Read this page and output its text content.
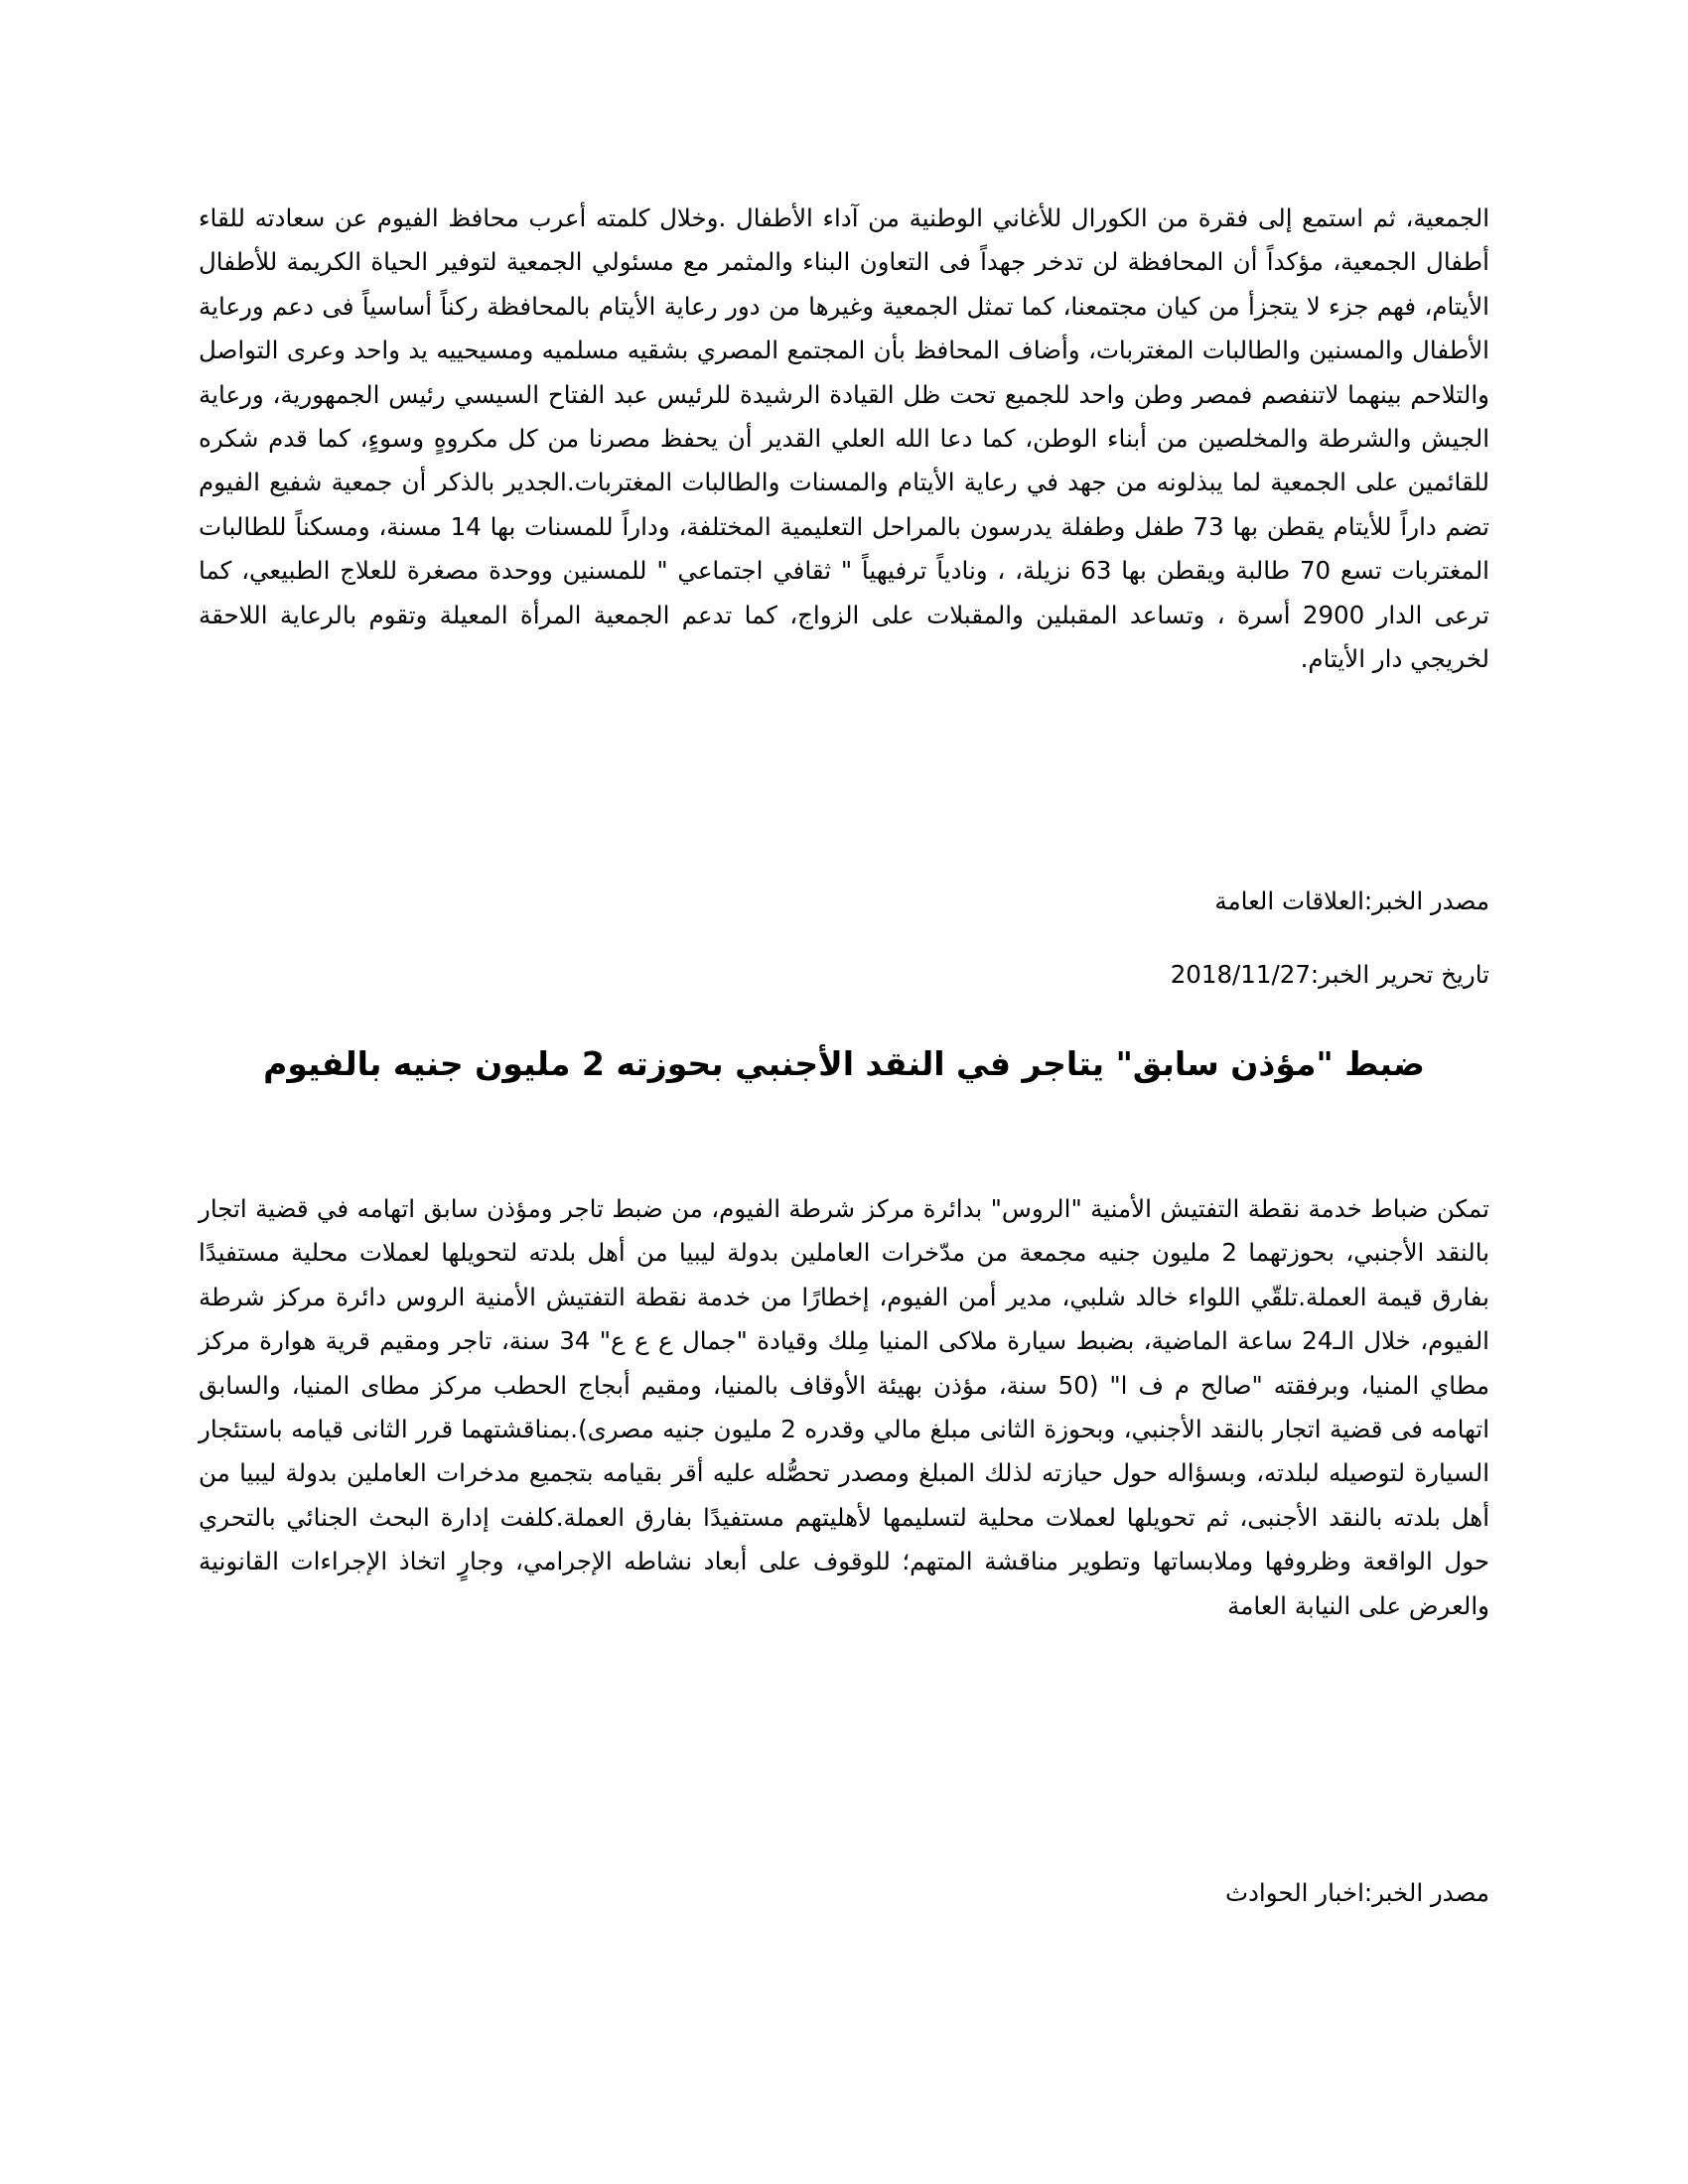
الجمعية، ثم استمع إلى فقرة من الكورال للأغاني الوطنية من آداء الأطفال .وخلال كلمته أعرب محافظ الفيوم عن سعادته للقاء أطفال الجمعية، مؤكداً أن المحافظة لن تدخر جهداً فى التعاون البناء والمثمر مع مسئولي الجمعية لتوفير الحياة الكريمة للأطفال الأيتام، فهم جزء لا يتجزأ من كيان مجتمعنا، كما تمثل الجمعية وغيرها من دور رعاية الأيتام بالمحافظة ركناً أساسياً فى دعم ورعاية الأطفال والمسنين والطالبات المغتربات، وأضاف المحافظ بأن المجتمع المصري بشقيه مسلميه ومسيحييه يد واحد وعرى التواصل والتلاحم بينهما لاتنفصم فمصر وطن واحد للجميع تحت ظل القيادة الرشيدة للرئيس عبد الفتاح السيسي رئيس الجمهورية، ورعاية الجيش والشرطة والمخلصين من أبناء الوطن، كما دعا الله العلي القدير أن يحفظ مصرنا من كل مكروهٍ وسوءٍ، كما قدم شكره للقائمين على الجمعية لما يبذلونه من جهد في رعاية الأيتام والمسنات والطالبات المغتربات.الجدير بالذكر أن جمعية شفيع الفيوم تضم داراً للأيتام يقطن بها 73 طفل وطفلة يدرسون بالمراحل التعليمية المختلفة، وداراً للمسنات بها 14 مسنة، ومسكناً للطالبات المغتربات تسع 70 طالبة ويقطن بها 63 نزيلة، ، ونادياً ترفيهياً " ثقافي اجتماعي " للمسنين ووحدة مصغرة للعلاج الطبيعي، كما ترعى الدار 2900 أسرة ، وتساعد المقبلين والمقبلات على الزواج، كما تدعم الجمعية المرأة المعيلة وتقوم بالرعاية اللاحقة لخريجي دار الأيتام.
مصدر الخبر:العلاقات العامة
تاريخ تحرير الخبر:2018/11/27
ضبط "مؤذن سابق" يتاجر في النقد الأجنبي بحوزته 2 مليون جنيه بالفيوم
تمكن ضباط خدمة نقطة التفتيش الأمنية "الروس" بدائرة مركز شرطة الفيوم، من ضبط تاجر ومؤذن سابق اتهامه في قضية اتجار بالنقد الأجنبي، بحوزتهما 2 مليون جنيه مجمعة من مدّخرات العاملين بدولة ليبيا من أهل بلدته لتحويلها لعملات محلية مستفيدًا بفارق قيمة العملة.تلقّي اللواء خالد شلبي، مدير أمن الفيوم، إخطارًا من خدمة نقطة التفتيش الأمنية الروس دائرة مركز شرطة الفيوم، خلال الـ24 ساعة الماضية، بضبط سيارة ملاكى المنيا مِلك وقيادة "جمال ع ع ع" 34 سنة، تاجر ومقيم قرية هوارة مركز مطاي المنيا، وبرفقته "صالح م ف ا" (50 سنة، مؤذن بهيئة الأوقاف بالمنيا، ومقيم أبجاج الحطب مركز مطاى المنيا، والسابق اتهامه فى قضية اتجار بالنقد الأجنبي، وبحوزة الثانى مبلغ مالي وقدره 2 مليون جنيه مصرى).بمناقشتهما قرر الثانى قيامه باستئجار السيارة لتوصيله لبلدته، وبسؤاله حول حيازته لذلك المبلغ ومصدر تحصُّله عليه أقر بقيامه بتجميع مدخرات العاملين بدولة ليبيا من أهل بلدته بالنقد الأجنبى، ثم تحويلها لعملات محلية لتسليمها لأهليتهم مستفيدًا بفارق العملة.كلفت إدارة البحث الجنائي بالتحري حول الواقعة وظروفها وملابساتها وتطوير مناقشة المتهم؛ للوقوف على أبعاد نشاطه الإجرامي، وجارٍ اتخاذ الإجراءات القانونية والعرض على النيابة العامة
مصدر الخبر:اخبار الحوادث
